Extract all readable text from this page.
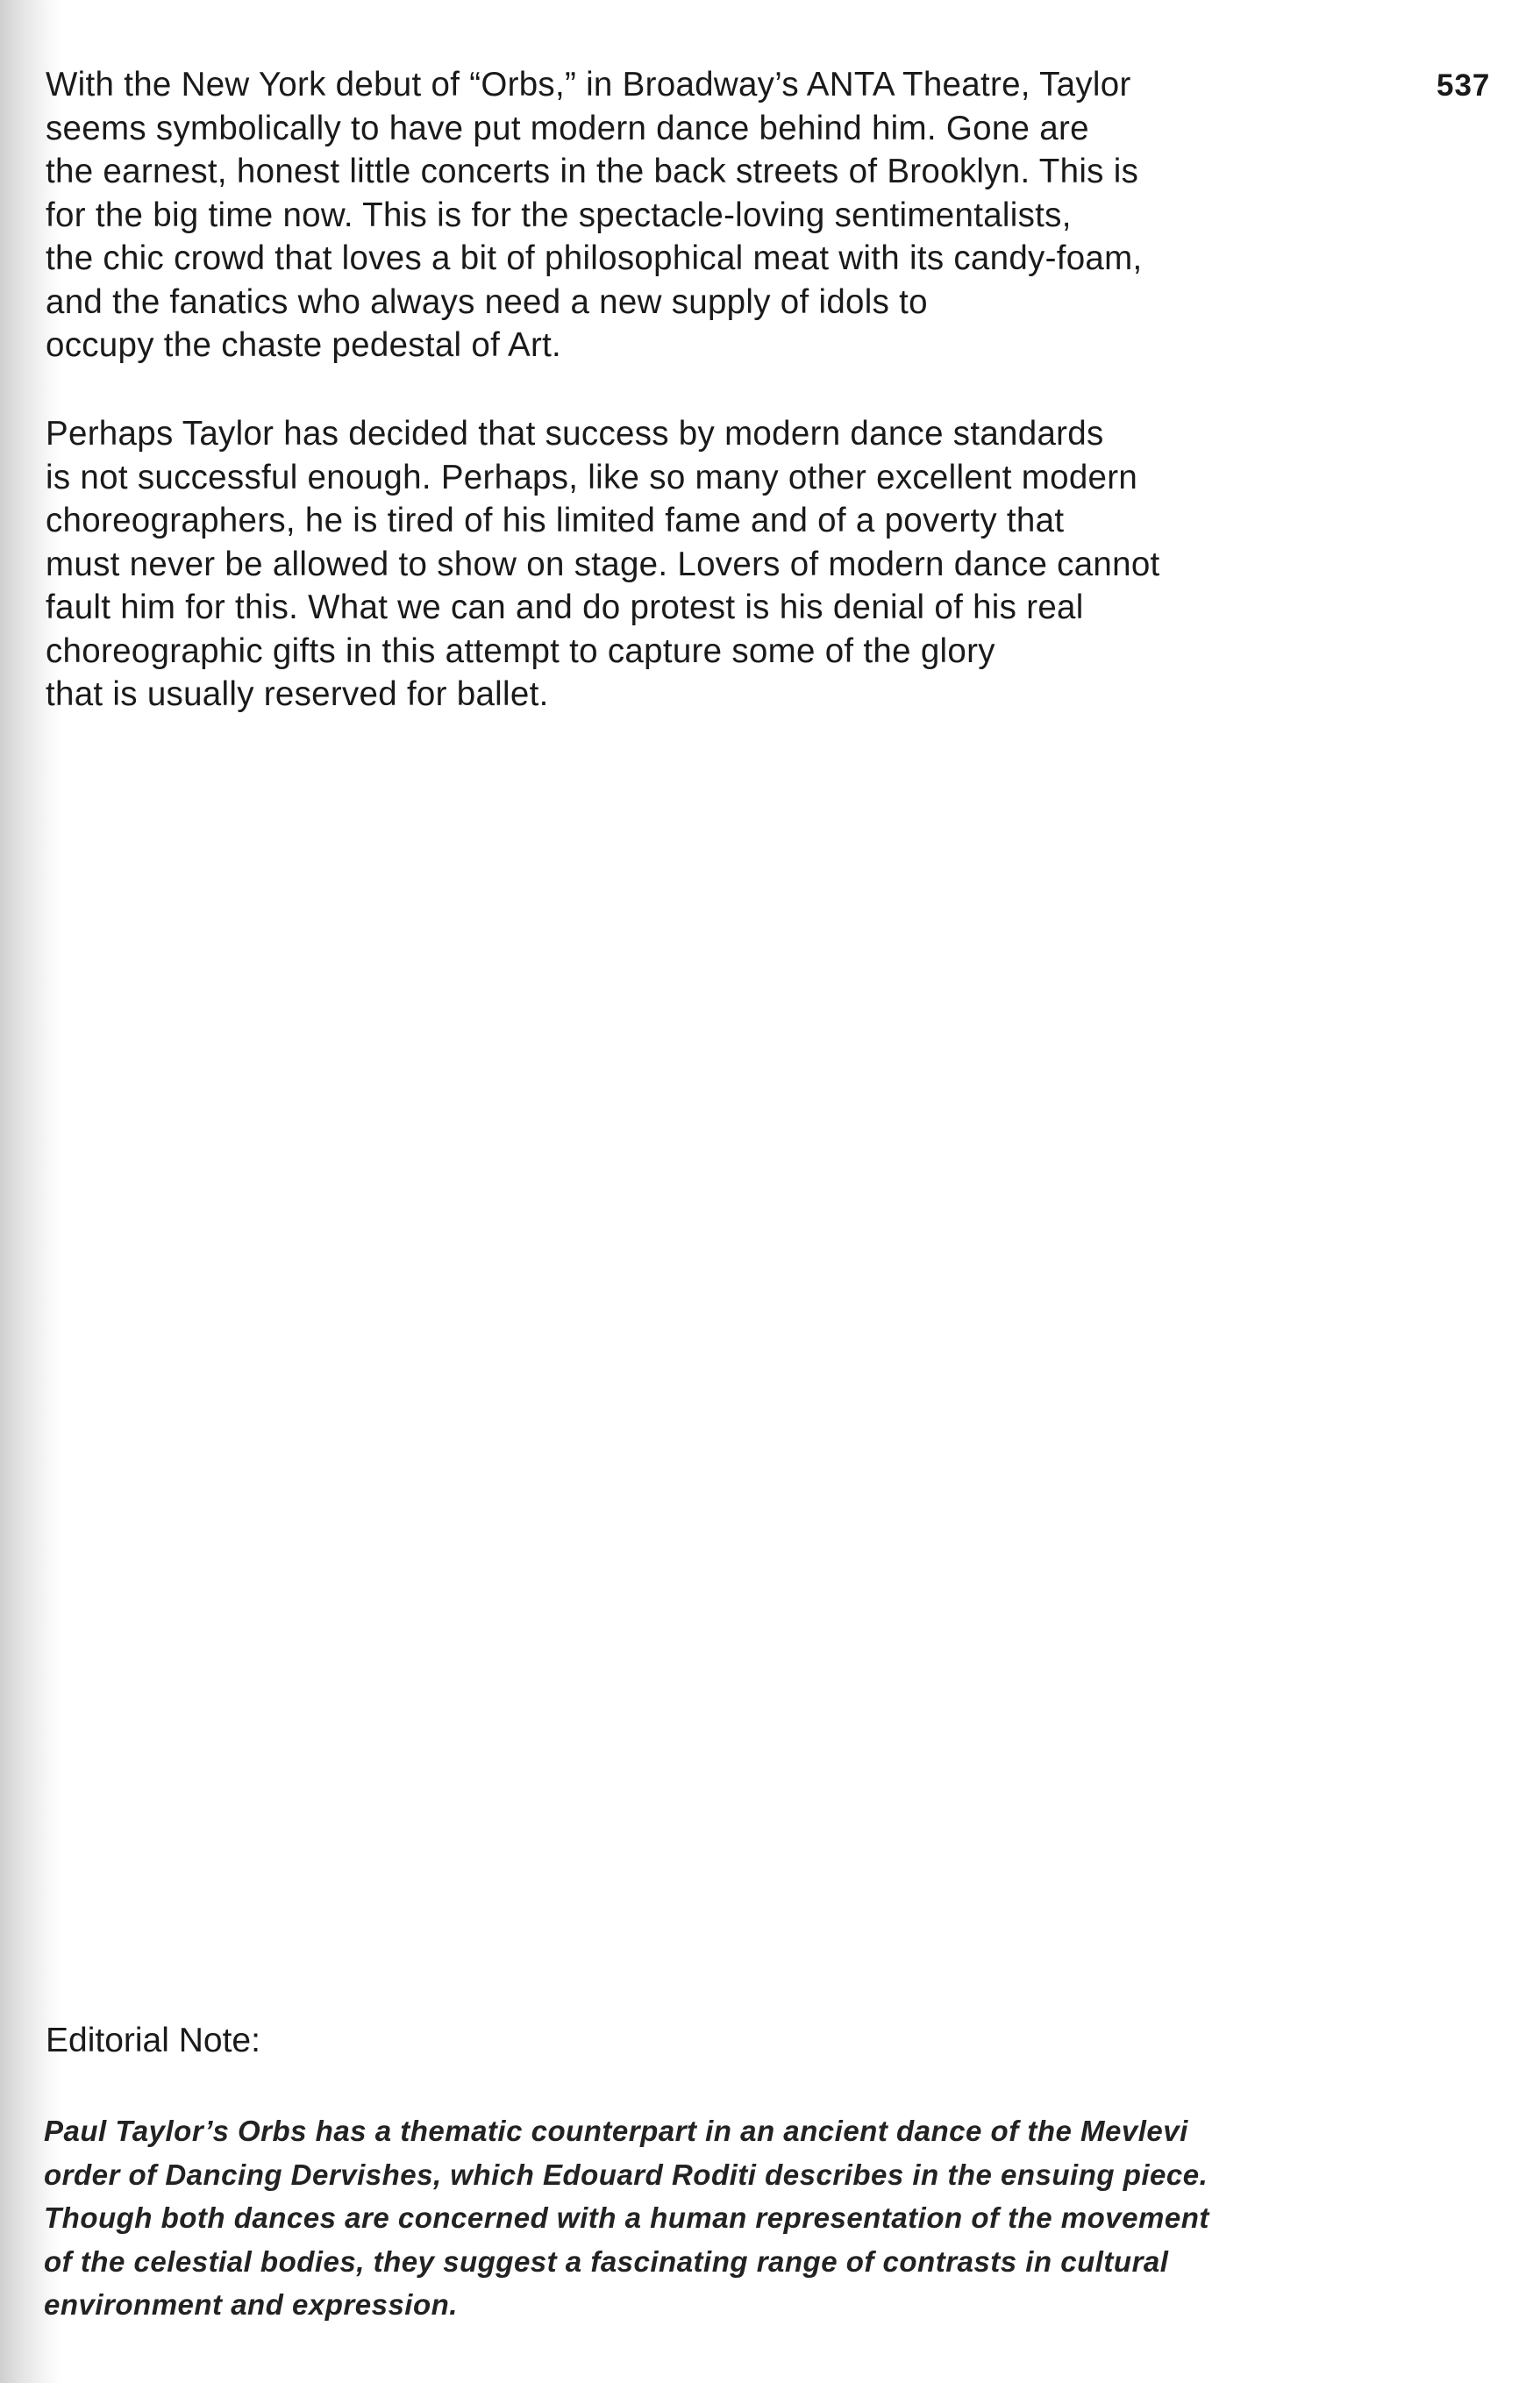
537
With the New York debut of “Orbs,” in Broadway’s ANTA Theatre, Taylor
seems symbolically to have put modern dance behind him. Gone are
the earnest, honest little concerts in the back streets of Brooklyn. This is
for the big time now. This is for the spectacle-loving sentimentalists,
the chic crowd that loves a bit of philosophical meat with its candy-foam,
and the fanatics who always need a new supply of idols to
occupy the chaste pedestal of Art.
Perhaps Taylor has decided that success by modern dance standards
is not successful enough. Perhaps, like so many other excellent modern
choreographers, he is tired of his limited fame and of a poverty that
must never be allowed to show on stage. Lovers of modern dance cannot
fault him for this. What we can and do protest is his denial of his real
choreographic gifts in this attempt to capture some of the glory
that is usually reserved for ballet.
Editorial Note:
Paul Taylor’s Orbs has a thematic counterpart in an ancient dance of the Mevlevi
order of Dancing Dervishes, which Edouard Roditi describes in the ensuing piece.
Though both dances are concerned with a human representation of the movement
of the celestial bodies, they suggest a fascinating range of contrasts in cultural
environment and expression.
